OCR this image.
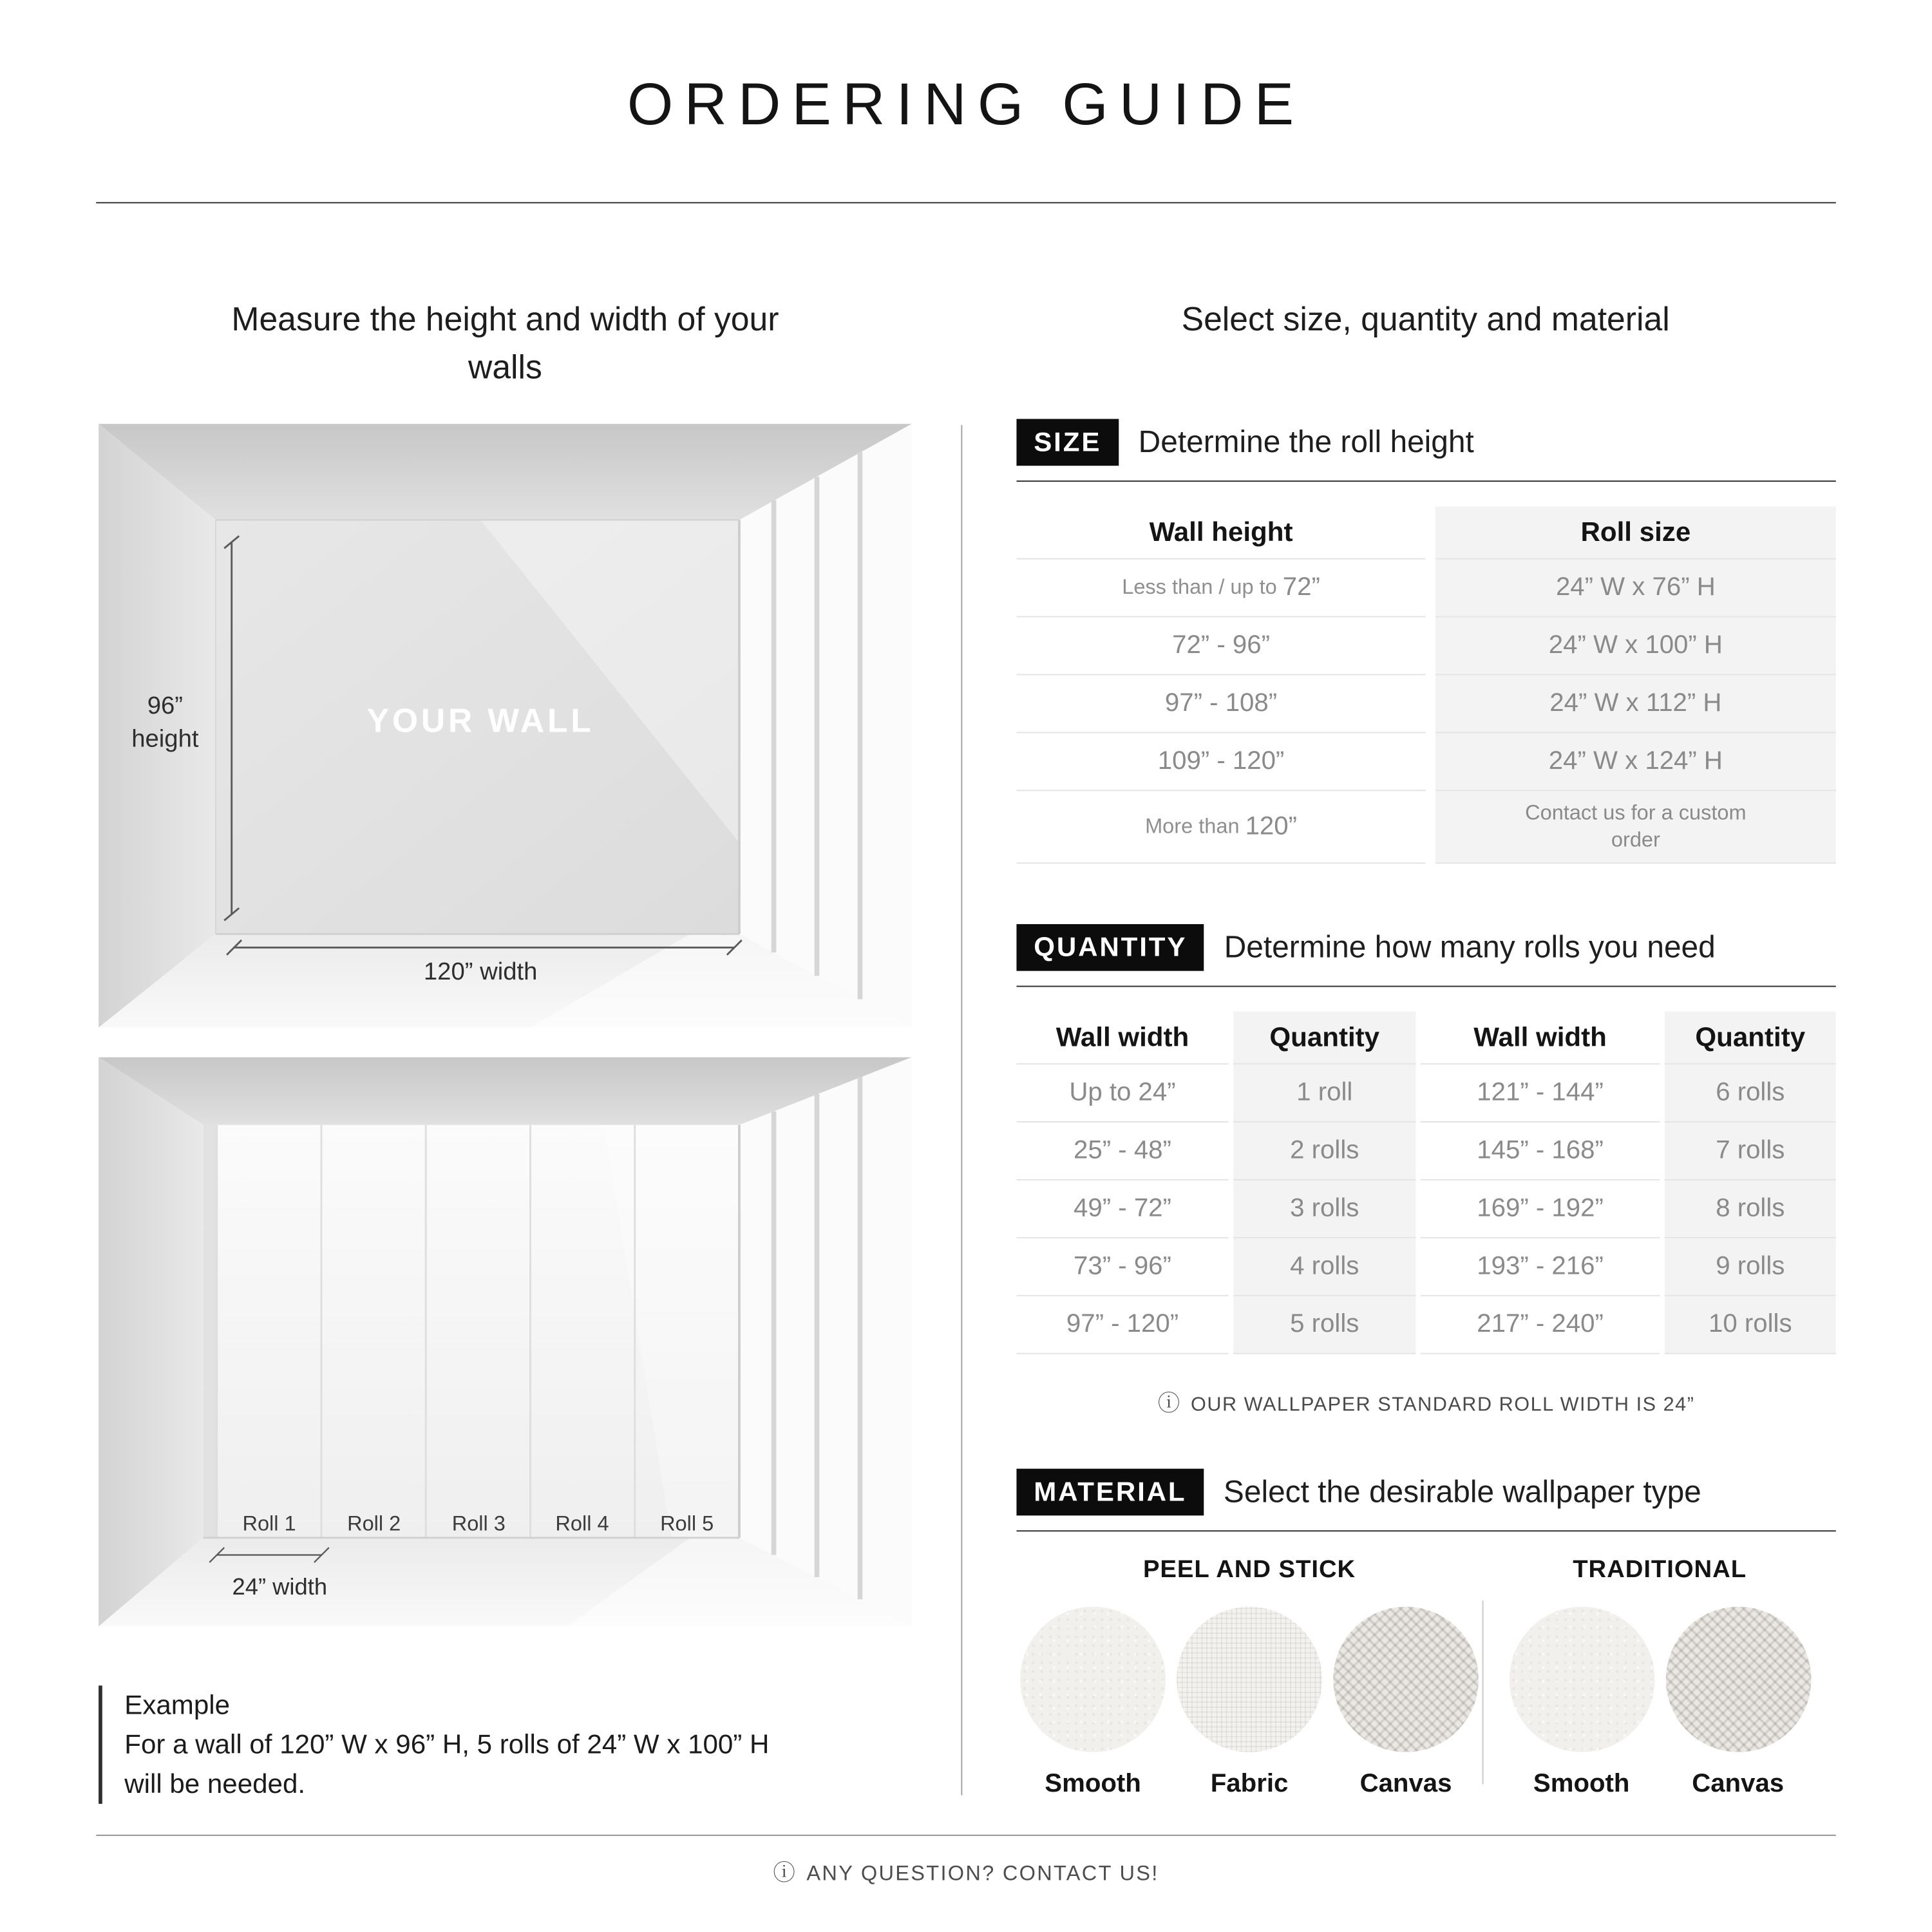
ORDERING GUIDE
Measure the height and width of your walls
Select size, quantity and material
YOUR WALL
96”
height
120” width
Roll 1	Roll 2	Roll 3	Roll 4	Roll 5
24” width
Example
For a wall of 120” W x 96” H, 5 rolls of 24” W x 100” H
will be needed.
SIZE	Determine the roll height
Wall height	Roll size
Less than / up to 72”	24” W x 76” H
72” - 96”	24” W x 100” H
97” - 108”	24” W x 112” H
109” - 120”	24” W x 124” H
More than 120”	Contact us for a custom order
QUANTITY	Determine how many rolls you need
Wall width	Quantity	Wall width	Quantity
Up to 24”	1 roll	121” - 144”	6 rolls
25” - 48”	2 rolls	145” - 168”	7 rolls
49” - 72”	3 rolls	169” - 192”	8 rolls
73” - 96”	4 rolls	193” - 216”	9 rolls
97” - 120”	5 rolls	217” - 240”	10 rolls
ⓘ OUR WALLPAPER STANDARD ROLL WIDTH IS 24”
MATERIAL	Select the desirable wallpaper type
PEEL AND STICK
Smooth	Fabric	Canvas
TRADITIONAL
Smooth	Canvas
ⓘ ANY QUESTION? CONTACT US!
